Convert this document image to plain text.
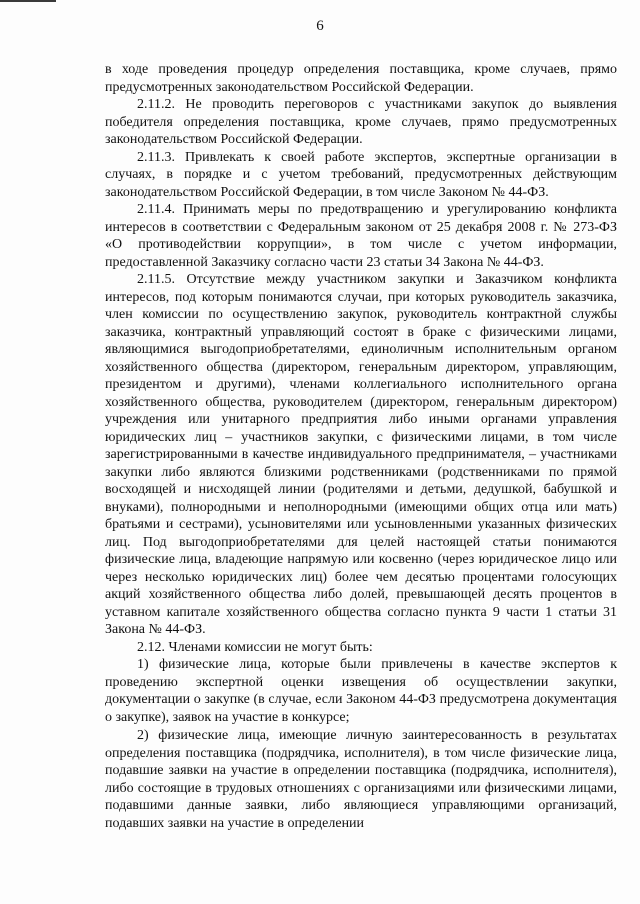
6

в ходе проведения процедур определения поставщика, кроме случаев, прямо предусмотренных законодательством Российской Федерации.

2.11.2. Не проводить переговоров с участниками закупок до выявления победителя определения поставщика, кроме случаев, прямо предусмотренных законодательством Российской Федерации.

2.11.3. Привлекать к своей работе экспертов, экспертные организации в случаях, в порядке и с учетом требований, предусмотренных действующим законодательством Российской Федерации, в том числе Законом № 44-ФЗ.

2.11.4. Принимать меры по предотвращению и урегулированию конфликта интересов в соответствии с Федеральным законом от 25 декабря 2008 г. № 273-ФЗ «О противодействии коррупции», в том числе с учетом информации, предоставленной Заказчику согласно части 23 статьи 34 Закона № 44-ФЗ.

2.11.5. Отсутствие между участником закупки и Заказчиком конфликта интересов, под которым понимаются случаи, при которых руководитель заказчика, член комиссии по осуществлению закупок, руководитель контрактной службы заказчика, контрактный управляющий состоят в браке с физическими лицами, являющимися выгодоприобретателями, единоличным исполнительным органом хозяйственного общества (директором, генеральным директором, управляющим, президентом и другими), членами коллегиального исполнительного органа хозяйственного общества, руководителем (директором, генеральным директором) учреждения или унитарного предприятия либо иными органами управления юридических лиц – участников закупки, с физическими лицами, в том числе зарегистрированными в качестве индивидуального предпринимателя, – участниками закупки либо являются близкими родственниками (родственниками по прямой восходящей и нисходящей линии (родителями и детьми, дедушкой, бабушкой и внуками), полнородными и неполнородными (имеющими общих отца или мать) братьями и сестрами), усыновителями или усыновленными указанных физических лиц. Под выгодоприобретателями для целей настоящей статьи понимаются физические лица, владеющие напрямую или косвенно (через юридическое лицо или через несколько юридических лиц) более чем десятью процентами голосующих акций хозяйственного общества либо долей, превышающей десять процентов в уставном капитале хозяйственного общества согласно пункта 9 части 1 статьи 31 Закона № 44-ФЗ.

2.12. Членами комиссии не могут быть:

1) физические лица, которые были привлечены в качестве экспертов к проведению экспертной оценки извещения об осуществлении закупки, документации о закупке (в случае, если Законом 44-ФЗ предусмотрена документация о закупке), заявок на участие в конкурсе;

2) физические лица, имеющие личную заинтересованность в результатах определения поставщика (подрядчика, исполнителя), в том числе физические лица, подавшие заявки на участие в определении поставщика (подрядчика, исполнителя), либо состоящие в трудовых отношениях с организациями или физическими лицами, подавшими данные заявки, либо являющиеся управляющими организаций, подавших заявки на участие в определении
